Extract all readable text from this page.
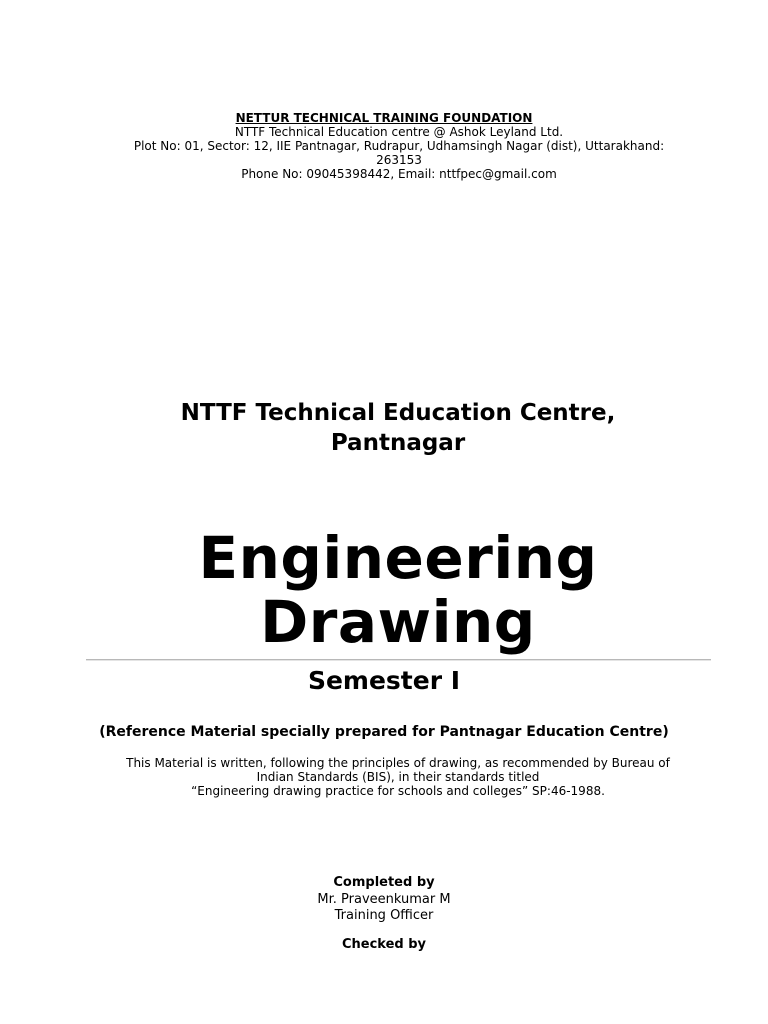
NETTUR TECHNICAL TRAINING FOUNDATION
NTTF Technical Education centre @ Ashok Leyland Ltd.
Plot No: 01, Sector: 12, IIE Pantnagar, Rudrapur, Udhamsingh Nagar (dist), Uttarakhand:
263153
Phone No: 09045398442, Email: nttfpec@gmail.com
NTTF Technical Education Centre,
Pantnagar
Engineering
Drawing
Semester I
(Reference Material specially prepared for Pantnagar Education Centre)
This Material is written, following the principles of drawing, as recommended by Bureau of
Indian Standards (BIS), in their standards titled
“Engineering drawing practice for schools and colleges” SP:46-1988.
Completed by
Mr. Praveenkumar M
Training Officer
Checked by
